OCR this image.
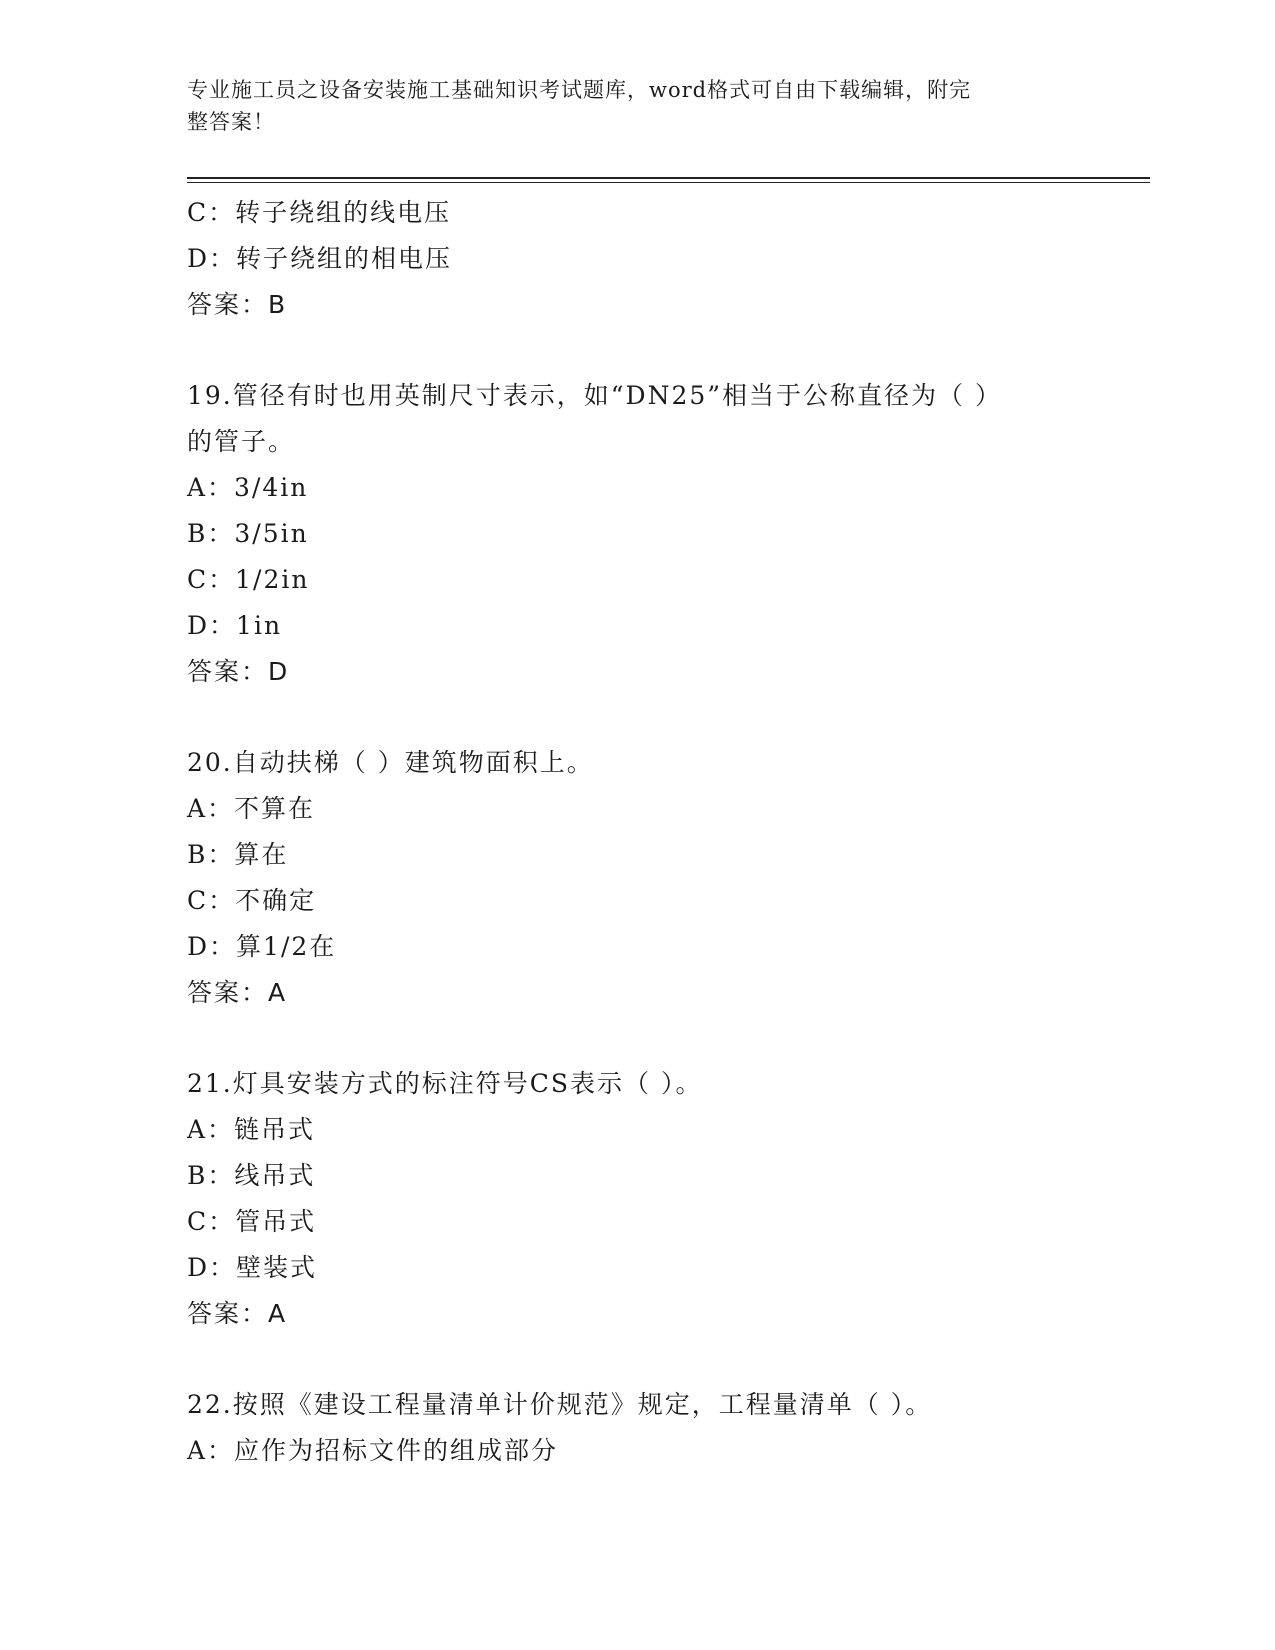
专业施工员之设备安装施工基础知识考试题库，word格式可自由下载编辑，附完
整答案！
C：转子绕组的线电压
D：转子绕组的相电压
答案：B
19.管径有时也用英制尺寸表示，如“DN25”相当于公称直径为（ ）
的管子。
A：3/4in
B：3/5in
C：1/2in
D：1in
答案：D
20.自动扶梯（ ）建筑物面积上。
A：不算在
B：算在
C：不确定
D：算1/2在
答案：A
21.灯具安装方式的标注符号CS表示（ ）。
A：链吊式
B：线吊式
C：管吊式
D：壁装式
答案：A
22.按照《建设工程量清单计价规范》规定，工程量清单（ ）。
A：应作为招标文件的组成部分
